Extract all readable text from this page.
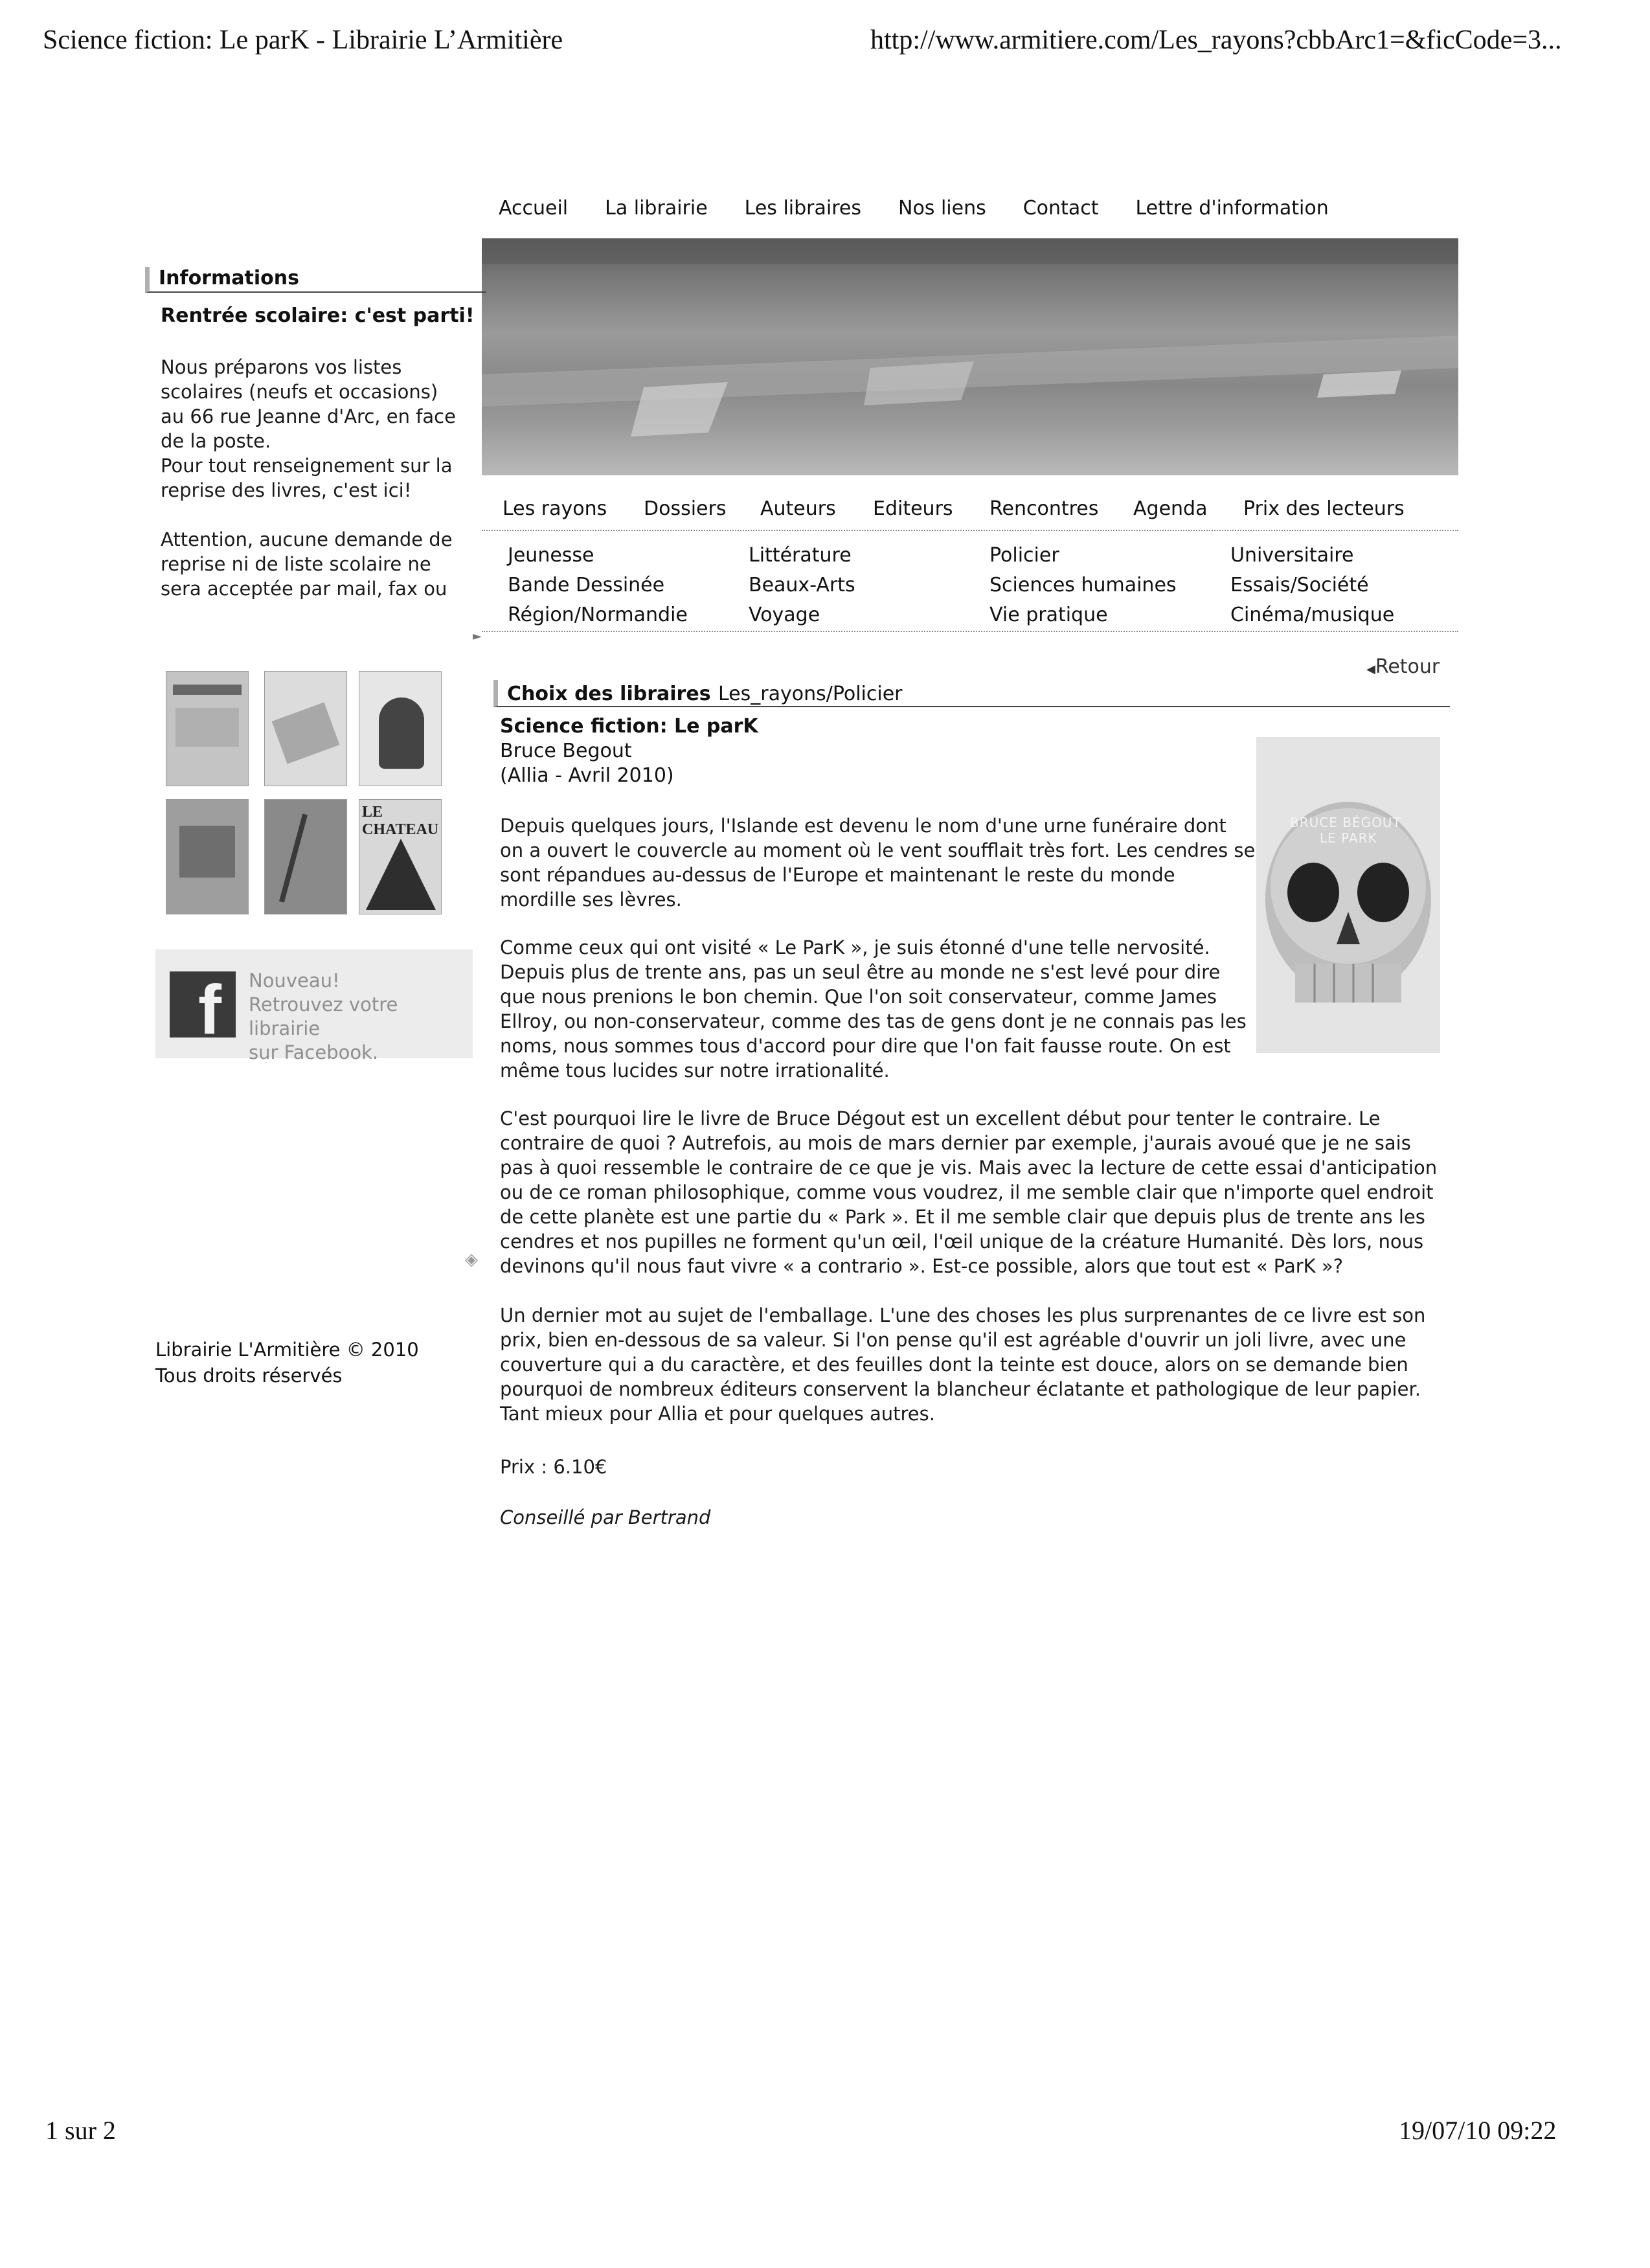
Science fiction: Le parK - Librairie L’Armitière	http://www.armitiere.com/Les_rayons?cbbArc1=&ficCode=3...
Accueil La librairie Les libraires Nos liens Contact Lettre d'information
Les rayons Dossiers Auteurs Editeurs Rencontres Agenda Prix des lecteurs
Jeunesse	Littérature	Policier	Universitaire
Bande Dessinée	Beaux-Arts	Sciences humaines	Essais/Société
Région/Normandie	Voyage	Vie pratique	Cinéma/musique
Informations
Rentrée scolaire: c'est parti!
Nous préparons vos listes
scolaires (neufs et occasions)
au 66 rue Jeanne d'Arc, en face
de la poste.
Pour tout renseignement sur la
reprise des livres, c'est ici!
Attention, aucune demande de
reprise ni de liste scolaire ne
sera acceptée par mail, fax ou
►
LE CHATEAU
f Nouveau!
Retrouvez votre librairie
sur Facebook.
◈
Librairie L'Armitière © 2010
Tous droits réservés
◀Retour
Choix des libraires Les_rayons/Policier
Science fiction: Le parK
Bruce Begout
(Allia - Avril 2010)
BRUCE BÉGOUT
LE PARK
Depuis quelques jours, l'Islande est devenu le nom d'une urne funéraire dont
on a ouvert le couvercle au moment où le vent soufflait très fort. Les cendres se
sont répandues au-dessus de l'Europe et maintenant le reste du monde
mordille ses lèvres.
Comme ceux qui ont visité « Le ParK », je suis étonné d'une telle nervosité.
Depuis plus de trente ans, pas un seul être au monde ne s'est levé pour dire
que nous prenions le bon chemin. Que l'on soit conservateur, comme James
Ellroy, ou non-conservateur, comme des tas de gens dont je ne connais pas les
noms, nous sommes tous d'accord pour dire que l'on fait fausse route. On est
même tous lucides sur notre irrationalité.
C'est pourquoi lire le livre de Bruce Dégout est un excellent début pour tenter le contraire. Le
contraire de quoi ? Autrefois, au mois de mars dernier par exemple, j'aurais avoué que je ne sais
pas à quoi ressemble le contraire de ce que je vis. Mais avec la lecture de cette essai d'anticipation
ou de ce roman philosophique, comme vous voudrez, il me semble clair que n'importe quel endroit
de cette planète est une partie du « Park ». Et il me semble clair que depuis plus de trente ans les
cendres et nos pupilles ne forment qu'un œil, l'œil unique de la créature Humanité. Dès lors, nous
devinons qu'il nous faut vivre « a contrario ». Est-ce possible, alors que tout est « ParK »?
Un dernier mot au sujet de l'emballage. L'une des choses les plus surprenantes de ce livre est son
prix, bien en-dessous de sa valeur. Si l'on pense qu'il est agréable d'ouvrir un joli livre, avec une
couverture qui a du caractère, et des feuilles dont la teinte est douce, alors on se demande bien
pourquoi de nombreux éditeurs conservent la blancheur éclatante et pathologique de leur papier.
Tant mieux pour Allia et pour quelques autres.
Prix : 6.10€
Conseillé par Bertrand
1 sur 2	19/07/10 09:22
